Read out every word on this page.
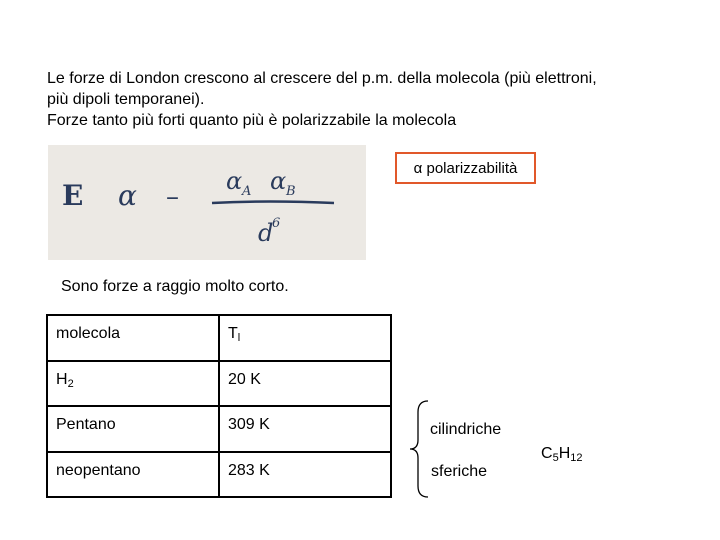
Le forze di London crescono al crescere del p.m. della molecola (più elettroni,
più dipoli temporanei).
Forze tanto più forti quanto più è polarizzabile la molecola
E α –
α A α B
d
6
α polarizzabilità
Sono forze a raggio molto corto.
molecola	$T_l$
$H_2$	20 K
Pentano	309 K
neopentano	283 K
cilindriche
sferiche
$C_5H_{12}$
